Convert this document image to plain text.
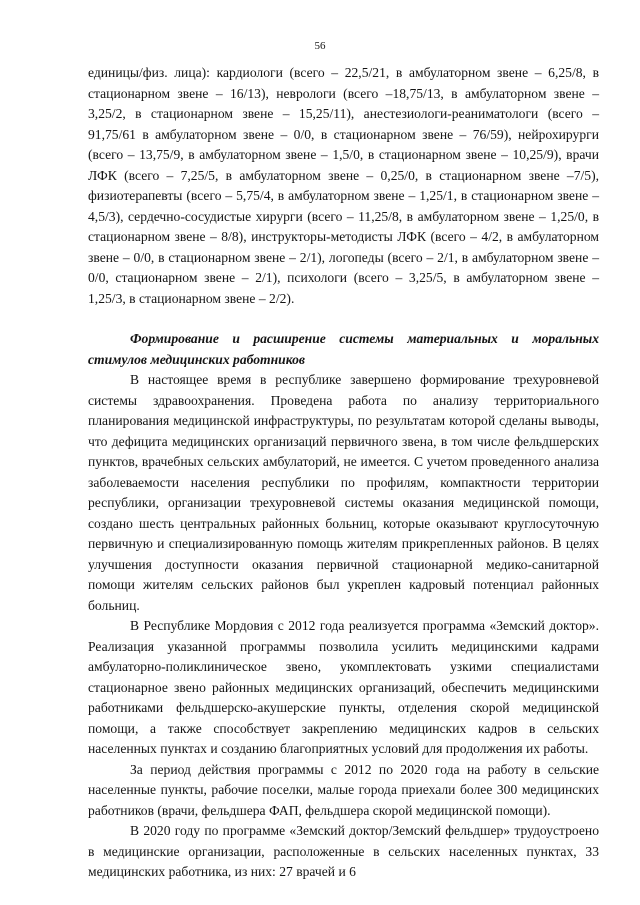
56

единицы/физ. лица): кардиологи (всего – 22,5/21, в амбулаторном звене – 6,25/8, в стационарном звене – 16/13), неврологи (всего –18,75/13, в амбулаторном звене – 3,25/2, в стационарном звене – 15,25/11), анестезиологи-реаниматологи (всего – 91,75/61 в амбулаторном звене – 0/0, в стационарном звене – 76/59), нейрохирурги (всего – 13,75/9, в амбулаторном звене – 1,5/0, в стационарном звене – 10,25/9), врачи ЛФК (всего – 7,25/5, в амбулаторном звене – 0,25/0, в стационарном звене –7/5), физиотерапевты (всего – 5,75/4, в амбулаторном звене – 1,25/1, в стационарном звене – 4,5/3), сердечно-сосудистые хирурги (всего – 11,25/8, в амбулаторном звене – 1,25/0, в стационарном звене – 8/8), инструкторы-методисты ЛФК (всего – 4/2, в амбулаторном звене – 0/0, в стационарном звене – 2/1), логопеды (всего – 2/1, в амбулаторном звене – 0/0, стационарном звене – 2/1), психологи (всего – 3,25/5, в амбулаторном звене – 1,25/3, в стационарном звене – 2/2).

Формирование и расширение системы материальных и моральных стимулов медицинских работников

В настоящее время в республике завершено формирование трехуровневой системы здравоохранения. Проведена работа по анализу территориального планирования медицинской инфраструктуры, по результатам которой сделаны выводы, что дефицита медицинских организаций первичного звена, в том числе фельдшерских пунктов, врачебных сельских амбулаторий, не имеется. С учетом проведенного анализа заболеваемости населения республики по профилям, компактности территории республики, организации трехуровневой системы оказания медицинской помощи, создано шесть центральных районных больниц, которые оказывают круглосуточную первичную и специализированную помощь жителям прикрепленных районов. В целях улучшения доступности оказания первичной стационарной медико-санитарной помощи жителям сельских районов был укреплен кадровый потенциал районных больниц.

В Республике Мордовия с 2012 года реализуется программа «Земский доктор». Реализация указанной программы позволила усилить медицинскими кадрами амбулаторно-поликлиническое звено, укомплектовать узкими специалистами стационарное звено районных медицинских организаций, обеспечить медицинскими работниками фельдшерско-акушерские пункты, отделения скорой медицинской помощи, а также способствует закреплению медицинских кадров в сельских населенных пунктах и созданию благоприятных условий для продолжения их работы.

За период действия программы с 2012 по 2020 года на работу в сельские населенные пункты, рабочие поселки, малые города приехали более 300 медицинских работников (врачи, фельдшера ФАП, фельдшера скорой медицинской помощи).

В 2020 году по программе «Земский доктор/Земский фельдшер» трудоустроено в медицинские организации, расположенные в сельских населенных пунктах, 33 медицинских работника, из них: 27 врачей и 6
